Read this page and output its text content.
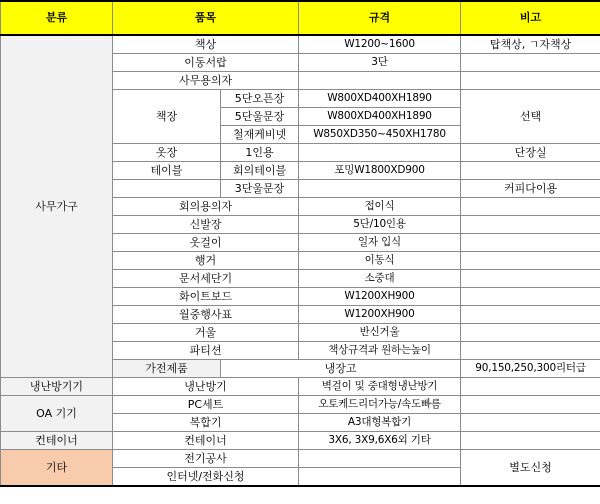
분류	품목		규격	비고	
사무가구	책상		W1200~1600	탑책상, ㄱ자책상	
	이동서랍		3단		
	사무용의자				
	책장	5단오픈장	W800XD400XH1890	선택	
		5단울문장	W800XD400XH1890		
		철재케비넷	W850XD350~450XH1780		
	옷장	1인용		단장실	
	테이블	회의테이블	포밍W1800XD900		
		3단울문장		커피다이용	
	회의용의자		접이식		
	신발장		5단/10인용		
	옷걸이		일자 입식		
	행거		이동식		
	문서세단기		소중대		
	화이트보드		W1200XH900		
	월중행사표		W1200XH900		
	거울		반신거울		
	파티션		책상규격과 원하는높이		
	가전제품	냉장고		90,150,250,300리터급	
냉난방기기	냉난방기		벽걸이 및 중대형냉난방기		
OA 기기	PC세트		오토케드리더가능/속도빠름		
	복합기		A3대형복합기		
컨테이너	컨테이너		3X6, 3X9,6X6외 기타		
기타	전기공사			별도신청	
	인터넷/전화신청				
